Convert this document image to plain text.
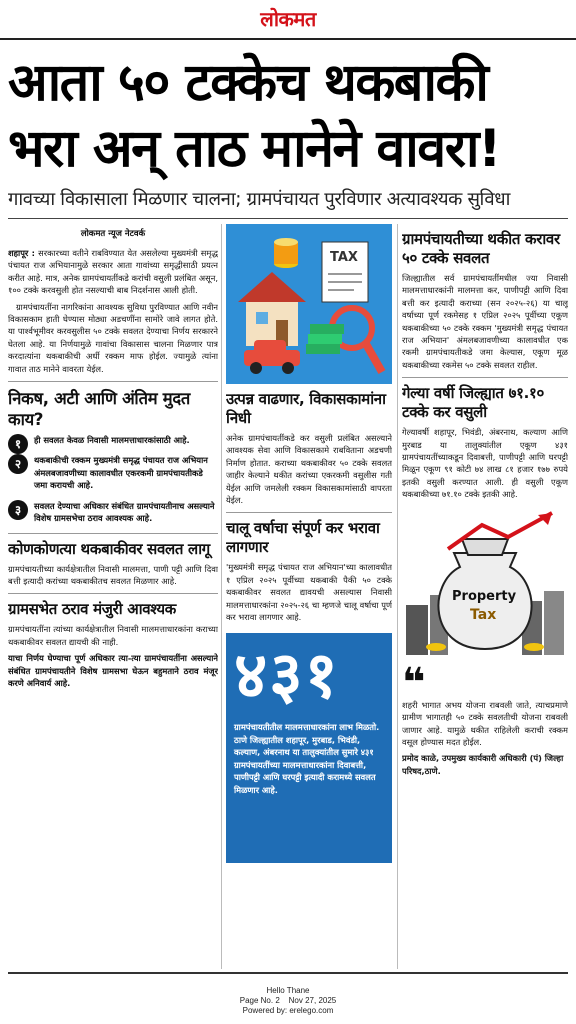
लोकमत
आता ५० टक्केच थकबाकी
भरा अन् ताठ मानेने वावरा!
गावच्या विकासाला मिळणार चालना; ग्रामपंचायत पुरविणार अत्यावश्यक सुविधा
लोकमत न्यूज नेटवर्क

शहापूर : सरकारच्या वतीने राबविण्यात येत असलेल्या मुख्यमंत्री समृद्ध पंचायत राज अभियानामुळे सरकार आता गावांच्या समृद्धीसाठी प्रयत्न करीत आहे. मात्र, अनेक ग्रामपंचायतींकडे करांची वसुली प्रलंबित असून, १०० टक्के करवसुली होत नसल्याची बाब निदर्शनास आली होती.

ग्रामपंचायतींना नागरिकांना आवश्यक सुविधा पुरविण्यात आणि नवीन विकासकाम हाती घेण्यास मोठ्या अडचणींना सामोरे जावे लागत होते. या पार्श्वभूमीवर करवसुलीस ५० टक्के सवलत देण्याचा निर्णय सरकारने घेतला आहे. या निर्णयामुळे गावांचा विकासास चालना मिळणार पात्र करदात्यांना थकबाकीची अर्धी रक्कम माफ होईल. ज्यामुळे त्यांना गावात ताठ मानेने वावरता येईल.

निकष, अटी आणि अंतिम मुदत काय?
१	ही सवलत केवळ निवासी मालमत्ताधारकांसाठी आहे.
२	थकबाकीची रक्कम मुख्यमंत्री समृद्ध पंचायत राज अभियान अंमलबजावणीच्या कालावधीत एकरकमी ग्रामपंचायतीकडे जमा करायची आहे.
३	सवलत देण्याचा अधिकार संबंधित ग्रामपंचायतीनाच असल्याने विशेष ग्रामसभेचा ठराव आवश्यक आहे.
कोणकोणत्या थकबाकीवर सवलत लागू

ग्रामपंचायतीच्या कार्यक्षेत्रातील निवासी मालमत्ता, पाणी पट्टी आणि दिवा बत्ती इत्यादी करांच्या थकबाकीतच सवलत मिळणार आहे.

ग्रामसभेत ठराव मंजुरी आवश्यक

ग्रामपंचायतींना त्यांच्या कार्यक्षेत्रातील निवासी मालमत्ताधारकांना कराच्या थकबाकीवर सवलत द्यायची की नाही.

याचा निर्णय घेण्याचा पूर्ण अधिकार त्या-त्या ग्रामपंचायतींना असल्याने संबंधित ग्रामपंचायतीने विशेष ग्रामसभा घेऊन बहुमताने ठराव मंजूर करणे अनिवार्य आहे.

TAX
उत्पन्न वाढणार, विकासकामांना निधी

अनेक ग्रामपंचायतींकडे कर वसुली प्रलंबित असल्याने आवश्यक सेवा आणि विकासकामे राबविताना अडचणी निर्माण होतात. कराच्या थकबाकीवर ५० टक्के सवलत जाहीर केल्याने थकीत करांच्या एकरकमी वसुलीस गती येईल आणि जमलेली रक्कम विकासकामांसाठी वापरता येईल.

चालू वर्षाचा संपूर्ण कर भरावा लागणार

'मुख्यमंत्री समृद्ध पंचायत राज अभियान'च्या कालावधीत १ एप्रिल २०२५ पूर्वीच्या थकबाकी पैकी ५० टक्के थकबाकीवर सवलत द्यावयची असल्यास निवासी मालमत्ताधारकांना २०२५-२६ चा म्हणजे चालू वर्षाचा पूर्ण कर भरावा लागणार आहे.

४३१
ग्रामपंचायतीतील मालमत्ताधारकांना लाभ मिळतो. ठाणे जिल्ह्यातील शहापूर, मुरबाड, भिवंडी, कल्याण, अंबरनाथ या तालुक्यांतील सुमारे ४३१ ग्रामपंचायतींच्या मालमत्ताधारकांना दिवाबत्ती, पाणीपट्टी आणि घरपट्टी इत्यादी करामध्ये सवलत मिळणार आहे.
ग्रामपंचायतीच्या थकीत करावर ५० टक्के सवलत

जिल्ह्यातील सर्व ग्रामपंचायतींमधील ज्या निवासी मालमत्ताधारकांनी मालमत्ता कर, पाणीपट्टी आणि दिवा बत्ती कर इत्यादी कराच्या (सन २०२५-२६) या चालू वर्षाच्या पूर्ण रकमेसह १ एप्रिल २०२५ पूर्वीच्या एकूण थकबाकीच्या ५० टक्के रक्कम 'मुख्यमंत्री समृद्ध पंचायत राज अभियान' अंमलबजावणीच्या कालावधीत एक रकमी ग्रामपंचायतीकडे जमा केल्यास, एकूण मूळ थकबाकीच्या रकमेस ५० टक्के सवलत राहील.

गेल्या वर्षी जिल्ह्यात ७१.१० टक्के कर वसुली

गेल्यावर्षी शहापूर, भिवंडी, अंबरनाथ, कल्याण आणि मुरबाड या तालुक्यांतील एकूण ४३१ ग्रामपंचायतींच्याकडून दिवाबत्ती, पाणीपट्टी आणि घरपट्टी मिळून एकूण ९१ कोटी ७४ लाख ८१ हजार १७७ रुपये इतकी वसुली करण्यात आली. ही वसुली एकूण थकबाकीच्या ७१.१० टक्के इतकी आहे.

Property
Tax
❝

शहरी भागात अभय योजना राबवली जाते, त्याचप्रमाणे ग्रामीण भागातही ५० टक्के सवलतीची योजना राबवली जाणार आहे. यामुळे थकीत राहिलेली कराची रक्कम वसूल होण्यास मदत होईल.

प्रमोद काळे, उपमुख्य कार्यकारी अधिकारी (पं) जिल्हा परिषद,ठाणे.
Hello Thane
Page No. 2    Nov 27, 2025
Powered by: erelego.com
